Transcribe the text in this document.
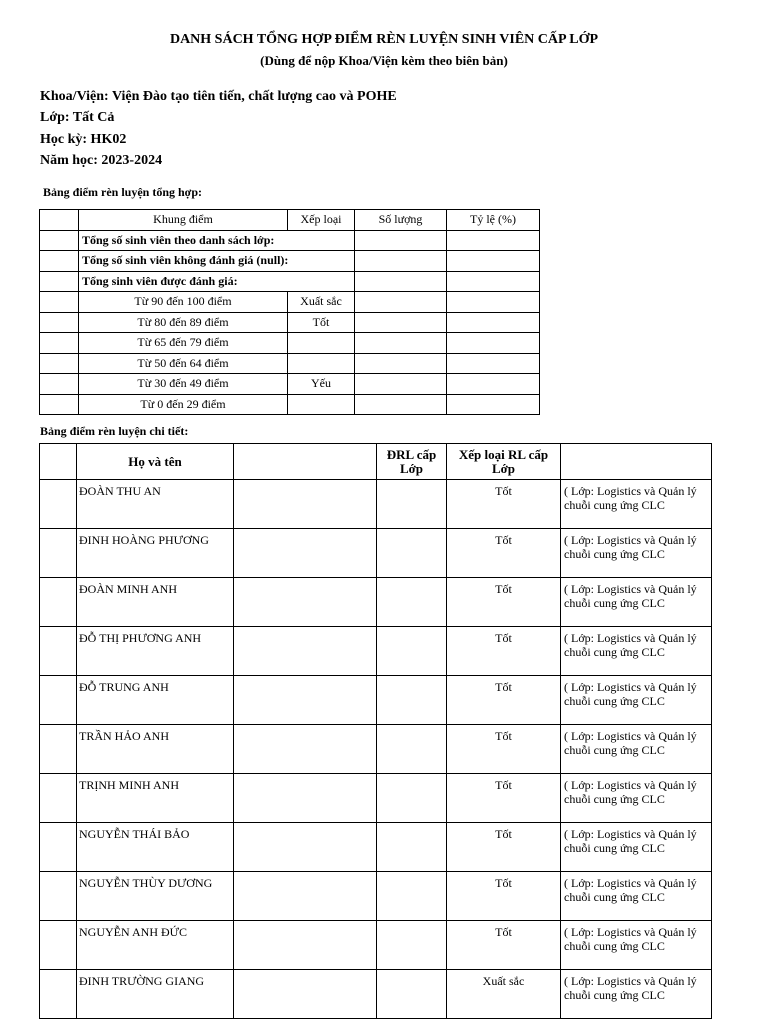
DANH SÁCH TỔNG HỢP ĐIỂM RÈN LUYỆN SINH VIÊN CẤP LỚP
(Dùng để nộp Khoa/Viện kèm theo biên bản)
Khoa/Viện: Viện Đào tạo tiên tiến, chất lượng cao và POHE
Lớp: Tất Cả
Học kỳ: HK02
Năm học: 2023-2024
Bảng điểm rèn luyện tổng hợp:
	Khung điểm	Xếp loại	Số lượng	Tỷ lệ (%)
	Tổng số sinh viên theo danh sách lớp:			
	Tổng số sinh viên không đánh giá (null):			
	Tổng sinh viên được đánh giá:			
	Từ 90 đến 100 điểm	Xuất sắc		
	Từ 80 đến 89 điểm	Tốt		
	Từ 65 đến 79 điểm			
	Từ 50 đến 64 điểm			
	Từ 30 đến 49 điểm	Yếu		
	Từ 0 đến 29 điểm			
Bảng điểm rèn luyện chi tiết:
	Họ và tên		ĐRL cấp Lớp	Xếp loại RL cấp Lớp	
	ĐOÀN THU AN			Tốt	( Lớp: Logistics và Quản lý chuỗi cung ứng CLC
	ĐINH HOÀNG PHƯƠNG			Tốt	( Lớp: Logistics và Quản lý chuỗi cung ứng CLC
	ĐOÀN MINH ANH			Tốt	( Lớp: Logistics và Quản lý chuỗi cung ứng CLC
	ĐỖ THỊ PHƯƠNG ANH			Tốt	( Lớp: Logistics và Quản lý chuỗi cung ứng CLC
	ĐỖ TRUNG ANH			Tốt	( Lớp: Logistics và Quản lý chuỗi cung ứng CLC
	TRẦN HẢO ANH			Tốt	( Lớp: Logistics và Quản lý chuỗi cung ứng CLC
	TRỊNH MINH ANH			Tốt	( Lớp: Logistics và Quản lý chuỗi cung ứng CLC
	NGUYỄN THÁI BẢO			Tốt	( Lớp: Logistics và Quản lý chuỗi cung ứng CLC
	NGUYỄN THÙY DƯƠNG			Tốt	( Lớp: Logistics và Quản lý chuỗi cung ứng CLC
	NGUYỄN ANH ĐỨC			Tốt	( Lớp: Logistics và Quản lý chuỗi cung ứng CLC
	ĐINH TRƯỜNG GIANG			Xuất sắc	( Lớp: Logistics và Quản lý chuỗi cung ứng CLC
